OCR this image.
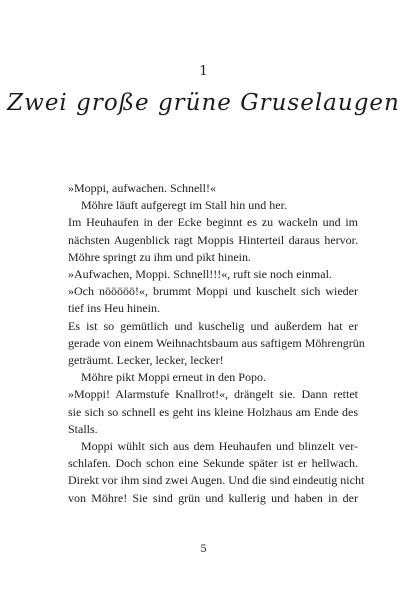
1
Zwei große grüne Gruselaugen
»Moppi, aufwachen. Schnell!«
Möhre läuft aufgeregt im Stall hin und her.
Im Heuhaufen in der Ecke beginnt es zu wackeln und im
nächsten Augenblick ragt Moppis Hinterteil daraus hervor.
Möhre springt zu ihm und pikt hinein.
»Aufwachen, Moppi. Schnell!!!«, ruft sie noch einmal.
»Och nööööö!«, brummt Moppi und kuschelt sich wieder
tief ins Heu hinein.
Es ist so gemütlich und kuschelig und außerdem hat er
gerade von einem Weihnachtsbaum aus saftigem Möhrengrün
geträumt. Lecker, lecker, lecker!
Möhre pikt Moppi erneut in den Popo.
»Moppi! Alarmstufe Knallrot!«, drängelt sie. Dann rettet
sie sich so schnell es geht ins kleine Holzhaus am Ende des
Stalls.
Moppi wühlt sich aus dem Heuhaufen und blinzelt ver-
schlafen. Doch schon eine Sekunde später ist er hellwach.
Direkt vor ihm sind zwei Augen. Und die sind eindeutig nicht
von Möhre! Sie sind grün und kullerig und haben in der
5
